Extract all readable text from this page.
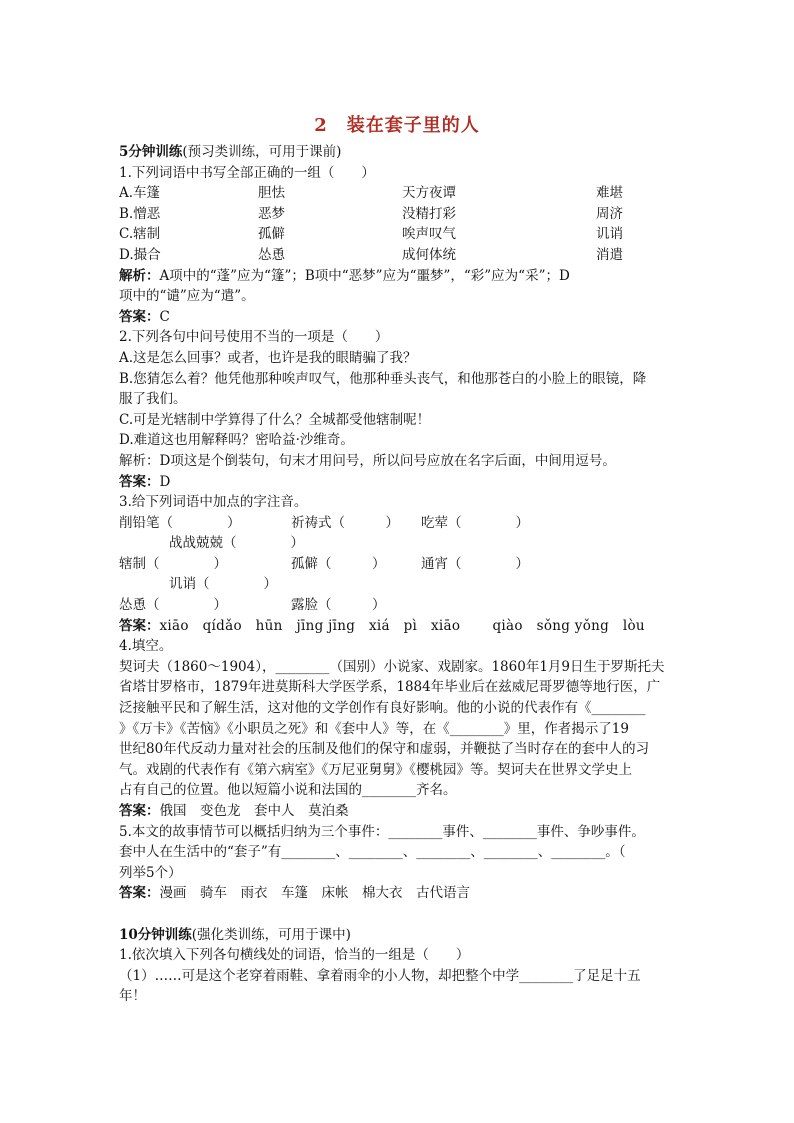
2　装在套子里的人
5分钟训练(预习类训练，可用于课前)
1.下列词语中书写全部正确的一组（　　）
A.车篷	胆怯	天方夜谭	难堪
B.憎恶	恶梦	没精打彩	周济
C.辖制	孤僻	唉声叹气	讥诮
D.撮合	怂恿	成何体统	消遣
解析：A项中的“蓬”应为“篷”；B项中“恶梦”应为“噩梦”，“彩”应为“采”；D
项中的“谴”应为“遣”。
答案：C
2.下列各句中问号使用不当的一项是（　　）
A.这是怎么回事？或者，也许是我的眼睛骗了我？
B.您猜怎么着？他凭他那种唉声叹气，他那种垂头丧气，和他那苍白的小脸上的眼镜，降
服了我们。
C.可是光辖制中学算得了什么？全城都受他辖制呢！
D.难道这也用解释吗？密哈益·沙维奇。
解析：D项这是个倒装句，句末才用问号，所以问号应放在名字后面，中间用逗号。
答案：D
3.给下列词语中加点的字注音。
削铅笔（　　　　）	祈祷式（　　　）	吃荤（　　　　）
战战兢兢（　　　　）
辖制（　　　　）	孤僻（　　　）	通宵（　　　　）
讥诮（　　　　）
怂恿（　　　　）	露脸（　　　）
答案：xiāo　qídǎo　hūn　jīng jīng　xiá　pì　xiāo　　 qiào　sǒng yǒng　lòu
4.填空。
契诃夫（1860～1904），________（国别）小说家、戏剧家。1860年1月9日生于罗斯托夫
省塔甘罗格市，1879年进莫斯科大学医学系，1884年毕业后在兹威尼哥罗德等地行医，广
泛接触平民和了解生活，这对他的文学创作有良好影响。他的小说的代表作有《________
》《万卡》《苦恼》《小职员之死》和《套中人》等，在《________》里，作者揭示了19
世纪80年代反动力量对社会的压制及他们的保守和虚弱，并鞭挞了当时存在的套中人的习
气。戏剧的代表作有《第六病室》《万尼亚舅舅》《樱桃园》等。契诃夫在世界文学史上
占有自己的位置。他以短篇小说和法国的________齐名。
答案：俄国　变色龙　套中人　莫泊桑
5.本文的故事情节可以概括归纳为三个事件：________事件、________事件、争吵事件。
套中人在生活中的“套子”有________、________、________、________、________。（
列举5个）
答案：漫画　骑车　雨衣　车篷　床帐　棉大衣　古代语言
10分钟训练(强化类训练，可用于课中)
1.依次填入下列各句横线处的词语，恰当的一组是（　　）
（1）……可是这个老穿着雨鞋、拿着雨伞的小人物，却把整个中学________了足足十五
年！
